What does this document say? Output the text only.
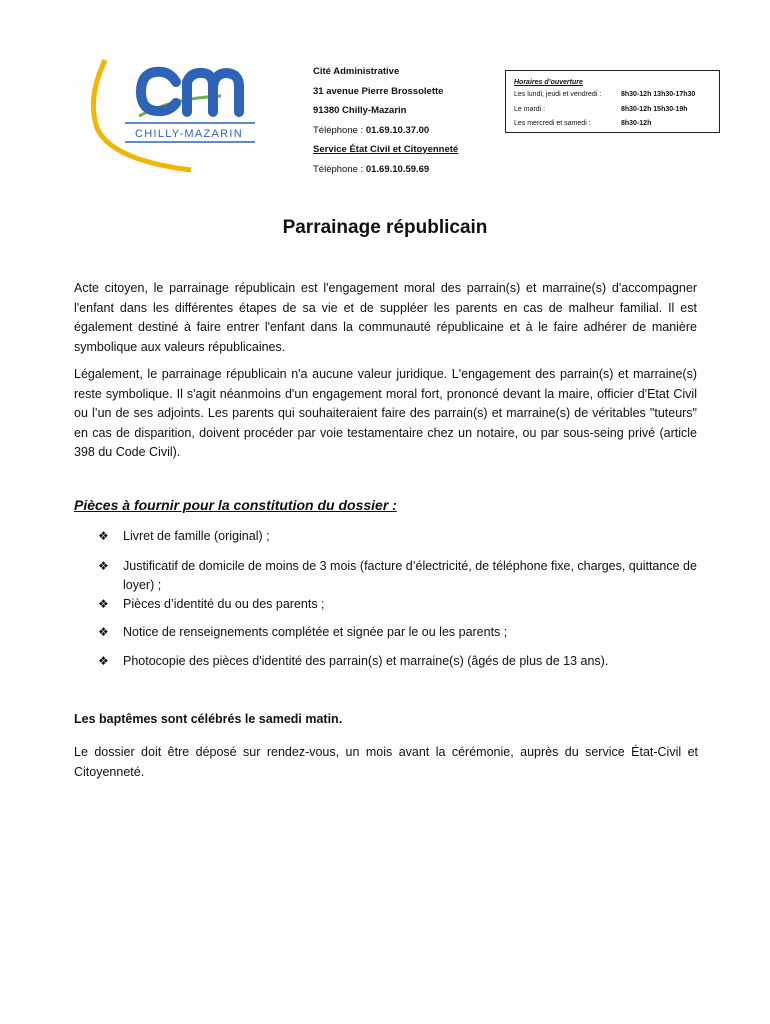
CHILLY-MAZARIN
Cité Administrative
31 avenue Pierre Brossolette
91380 Chilly-Mazarin
Téléphone : 01.69.10.37.00
Service État Civil et Citoyenneté
Téléphone : 01.69.10.59.69
Horaires d’ouverture
Les lundi, jeudi et vendredi :	8h30-12h 13h30-17h30
Le mardi :	8h30-12h 15h30-19h
Les mercredi et samedi :	8h30-12h
Parrainage républicain

Acte citoyen, le parrainage républicain est l'engagement moral des parrain(s) et marraine(s) d'accompagner l'enfant dans les différentes étapes de sa vie et de suppléer les parents en cas de malheur familial. Il est également destiné à faire entrer l'enfant dans la communauté républicaine et à le faire adhérer de manière symbolique aux valeurs républicaines.

Légalement, le parrainage républicain n'a aucune valeur juridique. L'engagement des parrain(s) et marraine(s) reste symbolique. Il s'agit néanmoins d'un engagement moral fort, prononcé devant la maire, officier d'Etat Civil ou l’un de ses adjoints. Les parents qui souhaiteraient faire des parrain(s) et marraine(s) de véritables "tuteurs" en cas de disparition, doivent procéder par voie testamentaire chez un notaire, ou par sous-seing privé (article 398 du Code Civil).

Pièces à fournir pour la constitution du dossier :
❖	Livret de famille (original) ;
❖	Justificatif de domicile de moins de 3 mois (facture d’électricité, de téléphone fixe, charges, quittance de loyer) ;
❖	Pièces d’identité du ou des parents ;
❖	Notice de renseignements complétée et signée par le ou les parents ;
❖	Photocopie des pièces d'identité des parrain(s) et marraine(s) (âgés de plus de 13 ans).
Les baptêmes sont célébrés le samedi matin.

Le dossier doit être déposé sur rendez-vous, un mois avant la cérémonie, auprès du service État-Civil et Citoyenneté.
